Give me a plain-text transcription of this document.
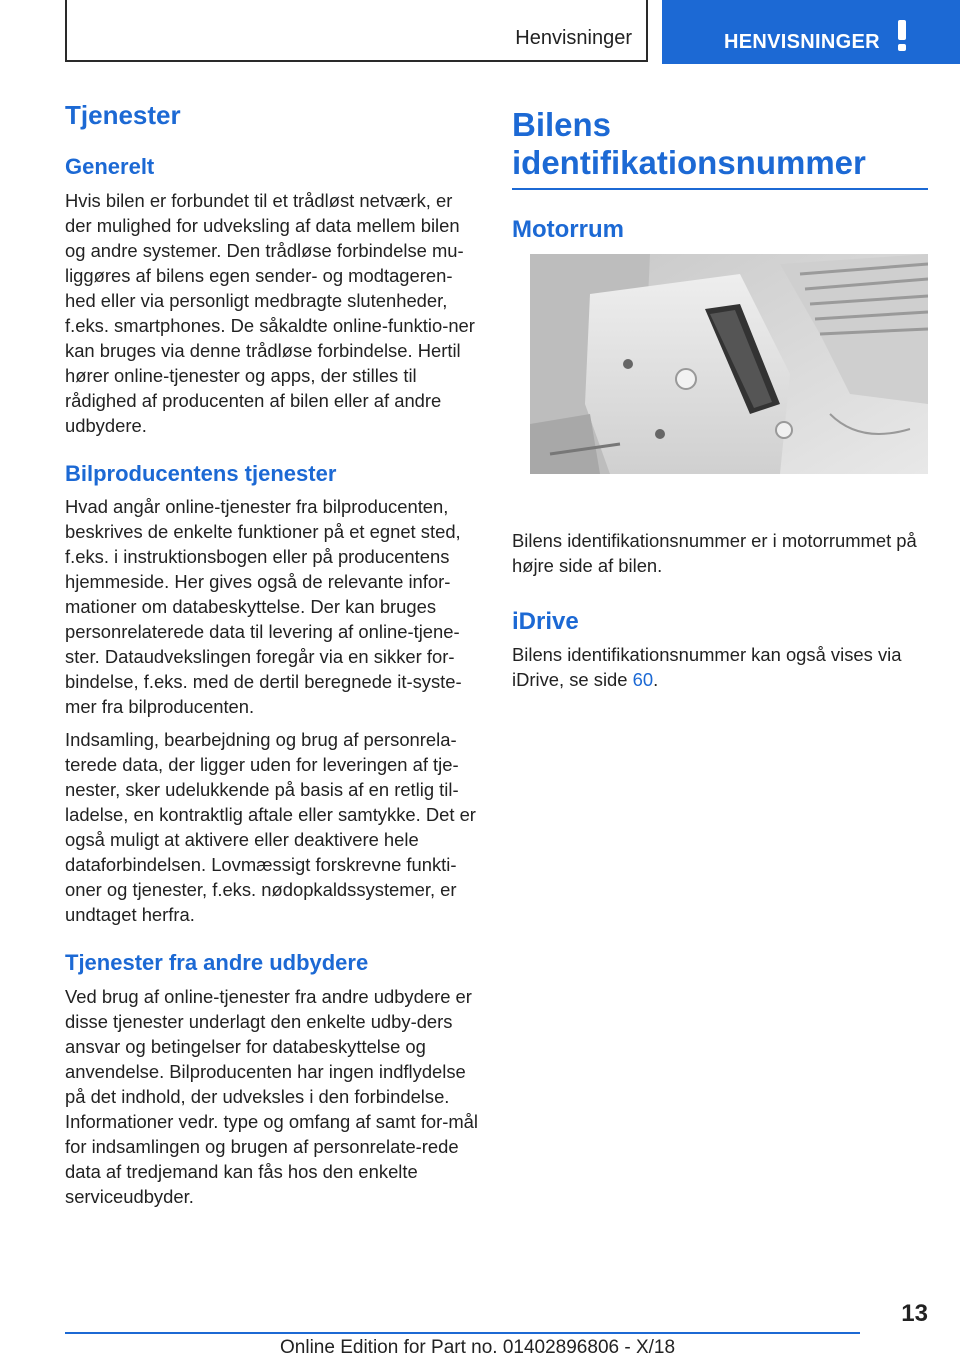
Henvisninger	HENVISNINGER
Tjenester
Generelt

Hvis bilen er forbundet til et trådløst netværk, er der mulighed for udveksling af data mellem bilen og andre systemer. Den trådløse forbindelse mu‐liggøres af bilens egen sender- og modtageren‐hed eller via personligt medbragte slutenheder, f.eks. smartphones. De såkaldte online-funktio‐ner kan bruges via denne trådløse forbindelse. Hertil hører online-tjenester og apps, der stilles til rådighed af producenten af bilen eller af andre udbydere.

Bilproducentens tjenester

Hvad angår online-tjenester fra bilproducenten, beskrives de enkelte funktioner på et egnet sted, f.eks. i instruktionsbogen eller på producentens hjemmeside. Her gives også de relevante infor‐mationer om databeskyttelse. Der kan bruges personrelaterede data til levering af online-tjene‐ster. Dataudvekslingen foregår via en sikker for‐bindelse, f.eks. med de dertil beregnede it-syste‐mer fra bilproducenten.

Indsamling, bearbejdning og brug af personrela‐terede data, der ligger uden for leveringen af tje‐nester, sker udelukkende på basis af en retlig til‐ladelse, en kontraktlig aftale eller samtykke. Det er også muligt at aktivere eller deaktivere hele dataforbindelsen. Lovmæssigt forskrevne funkti‐oner og tjenester, f.eks. nødopkaldssystemer, er undtaget herfra.

Tjenester fra andre udbydere

Ved brug af online-tjenester fra andre udbydere er disse tjenester underlagt den enkelte udby‐ders ansvar og betingelser for databeskyttelse og anvendelse. Bilproducenten har ingen indflydelse på det indhold, der udveksles i den forbindelse. Informationer vedr. type og omfang af samt for‐mål for indsamlingen og brugen af personrelate‐rede data af tredjemand kan fås hos den enkelte serviceudbyder.

Bilens
identifikationsnummer
Motorrum

Bilens identifikationsnummer er i motorrummet på højre side af bilen.

iDrive

Bilens identifikationsnummer kan også vises via iDrive, se side 60.

13
Online Edition for Part no. 01402896806 - X/18
